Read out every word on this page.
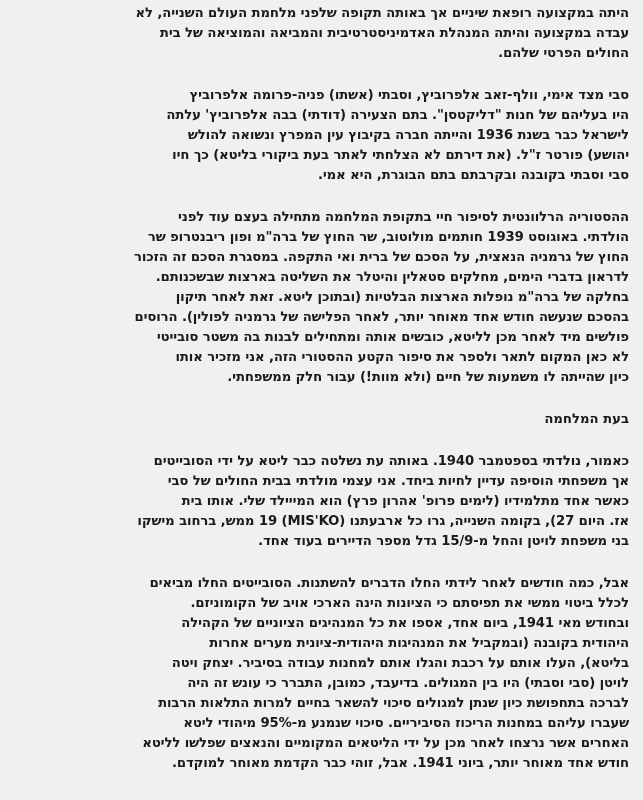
היתה במקצועה רופאת שיניים אך באותה תקופה שלפני מלחמת העולם השנייה, לא
עבדה במקצועה והיתה המנהלת האדמיניסטרטיבית והמביאה והמוציאה של בית
החולים הפרטי שלהם.
סבי מצד אימי, וולף-זאב אלפרוביץ, וסבתי (אשתו) פניה-פרומה אלפרוביץ
היו בעליהם של חנות "דליקטסן". בתם הצעירה (דודתי) בבה אלפרוביץ' עלתה
לישראל כבר בשנת 1936 והייתה חברה בקיבוץ עין המפרץ ונשואה להולש
יהושע) פורטר ז"ל. (את דירתם לא הצלחתי לאתר בעת ביקורי בליטא) כך חיו
סבי וסבתי בקובנה ובקרבתם בתם הבוגרת, היא אמי.
ההסטוריה הרלוונטית לסיפור חיי בתקופת המלחמה מתחילה בעצם עוד לפני
הולדתי. באוגוסט 1939 חותמים מולוטוב, שר החוץ של ברה"מ ופון ריבנטרופ שר
החוץ של גרמניה הנאצית, על הסכם של ברית ואי התקפה. במסגרת הסכם זה הזכור
לדראון בדברי הימים, מחלקים סטאלין והיטלר את השליטה בארצות שבשכנותם.
בחלקה של ברה"מ נופלות הארצות הבלטיות (ובתוכן ליטא. זאת לאחר תיקון
בהסכם שנעשה חודש אחד מאוחר יותר, לאחר הפלישה של גרמניה לפולין). הרוסים
פולשים מיד לאחר מכן לליטא, כובשים אותה ומתחילים לבנות בה משטר סובייטי
לא כאן המקום לתאר ולספר את סיפור הקטע ההסטורי הזה, אני מזכיר אותו
כיון שהייתה לו משמעות של חיים (ולא מוות!) עבור חלק ממשפחתי.
בעת המלחמה
כאמור, נולדתי בספטמבר 1940. באותה עת נשלטה כבר ליטא על ידי הסובייטים
אך משפחתי הוסיפה עדיין לחיות ביחד. אני עצמי מולדתי בבית החולים של סבי
כאשר אחד מתלמידיו (לימים פרופ' אהרון פרץ) הוא המייילד שלי. אותו בית
אז. היום 27), בקומה השנייה, גרו כל ארבעתנו (MIS'KO) 19 ממש, ברחוב מישקו
בני משפחת לויטן והחל מ-15/9 גדל מספר הדיירים בעוד אחד.
אבל, כמה חודשים לאחר לידתי החלו הדברים להשתנות. הסובייטים החלו מביאים
לכלל ביטוי ממשי את תפיסתם כי הציונות הינה הארכי אויב של הקומוניזם.
ובחודש מאי 1941, ביום אחד, אספו את כל המנהיגים הציוניים של הקהילה
היהודית בקובנה (ובמקביל את המנהיגות היהודית-ציונית מערים אחרות
בליטא), העלו אותם על רכבת והגלו אותם למחנות עבודה בסיביר. יצחק ויטה
לויטן (סבי וסבתי) היו בין המגולים. בדיעבד, כמובן, התברר כי עונש זה היה
לברכה בתחפושת כיון שנתן למגולים סיכוי להשאר בחיים למרות התלאות הרבות
שעברו עליהם במחנות הריכוז הסיביריים. סיכוי שנמנע מ-95% מיהודי ליטא
האחרים אשר נרצחו לאחר מכן על ידי הליטאים המקומיים והנאצים שפלשו לליטא
חודש אחד מאוחר יותר, ביוני 1941. אבל, זוהי כבר הקדמת מאוחר למוקדם.
